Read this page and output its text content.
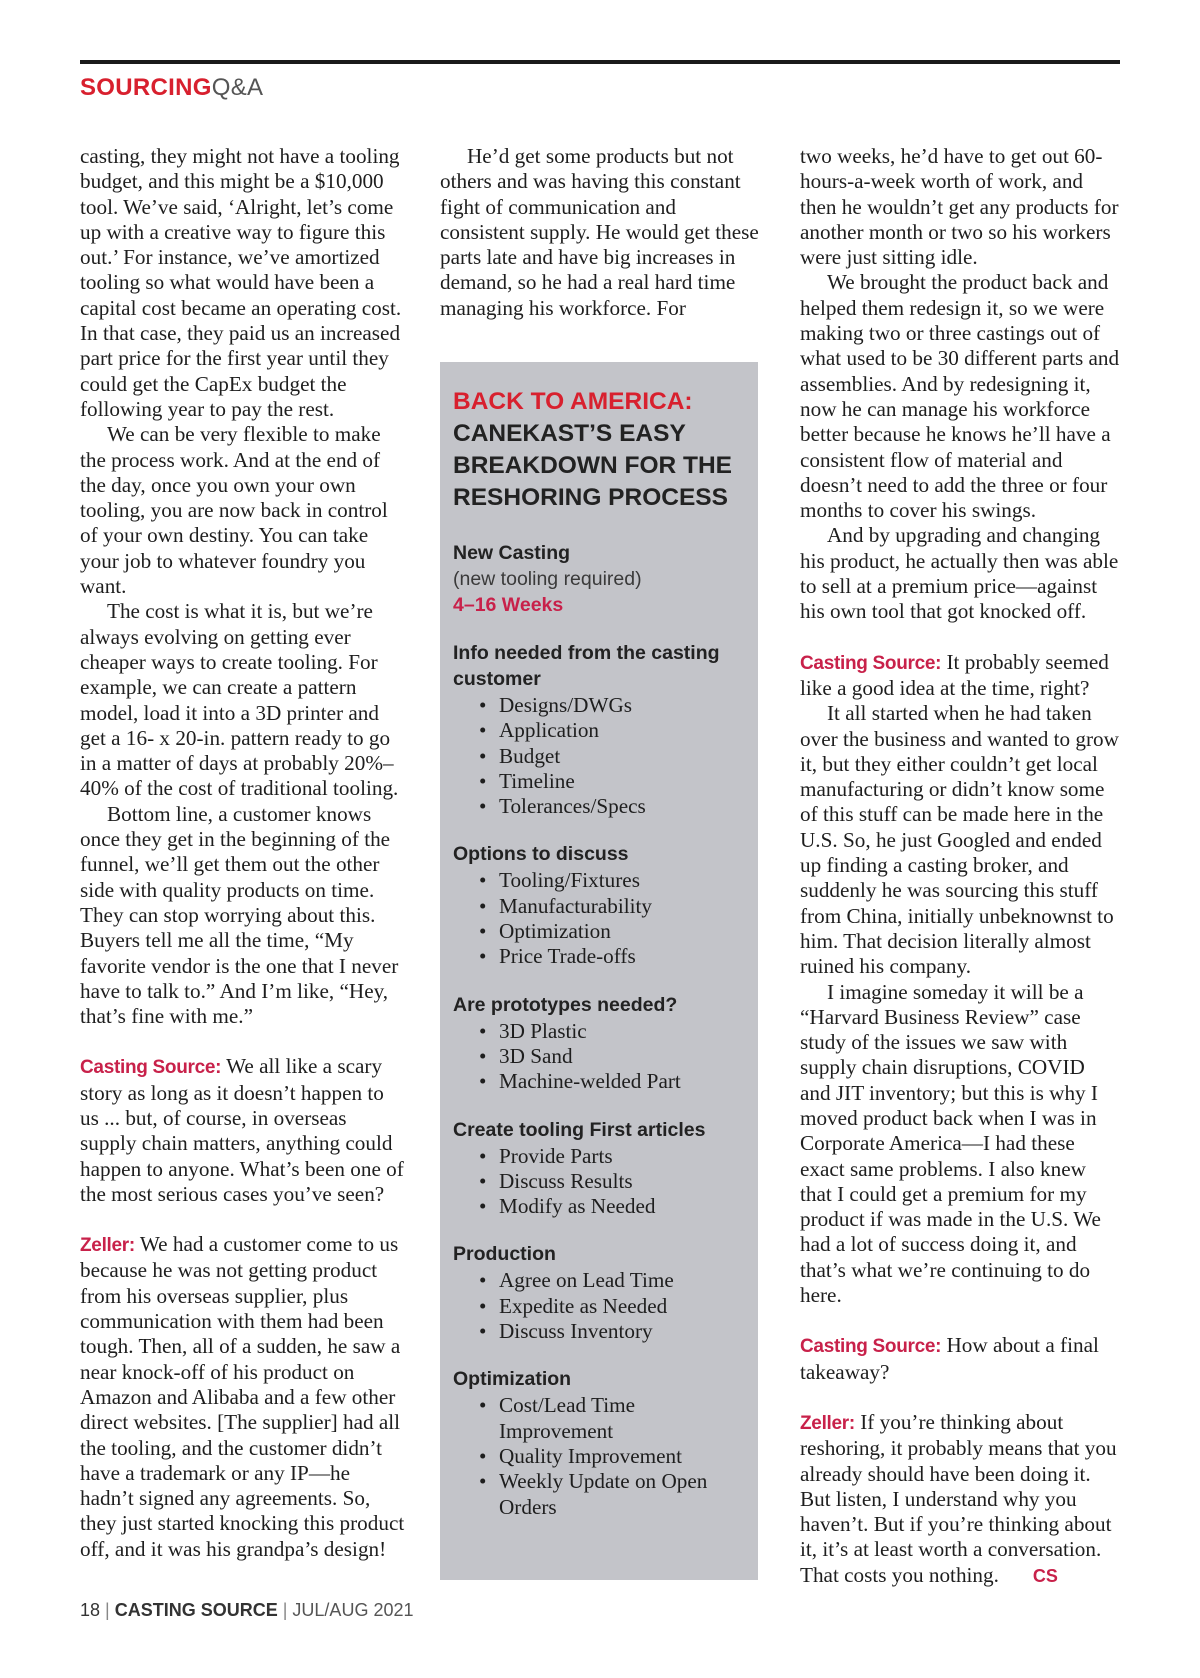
SOURCINGQ&A

casting, they might not have a tooling budget, and this might be a $10,000 tool. We’ve said, ‘Alright, let’s come up with a creative way to figure this out.’ For instance, we’ve amortized tooling so what would have been a capital cost became an operating cost. In that case, they paid us an increased part price for the first year until they could get the CapEx budget the following year to pay the rest.

We can be very flexible to make the process work. And at the end of the day, once you own your own tooling, you are now back in control of your own destiny. You can take your job to whatever foundry you want.

The cost is what it is, but we’re always evolving on getting ever cheaper ways to create tooling. For example, we can create a pattern model, load it into a 3D printer and get a 16- x 20-in. pattern ready to go in a matter of days at probably 20%–40% of the cost of traditional tooling.

Bottom line, a customer knows once they get in the beginning of the funnel, we’ll get them out the other side with quality products on time. They can stop worrying about this. Buyers tell me all the time, “My favorite vendor is the one that I never have to talk to.” And I’m like, “Hey, that’s fine with me.”

Casting Source: We all like a scary story as long as it doesn’t happen to us ... but, of course, in overseas supply chain matters, anything could happen to anyone. What’s been one of the most serious cases you’ve seen?

Zeller: We had a customer come to us because he was not getting product from his overseas supplier, plus communication with them had been tough. Then, all of a sudden, he saw a near knock-off of his product on Amazon and Alibaba and a few other direct websites. [The supplier] had all the tooling, and the customer didn’t have a trademark or any IP—he hadn’t signed any agreements. So, they just started knocking this product off, and it was his grandpa’s design!

He’d get some products but not others and was having this constant fight of communication and consistent supply. He would get these parts late and have big increases in demand, so he had a real hard time managing his workforce. For

BACK TO AMERICA:
CANEKAST’S EASY BREAKDOWN FOR THE RESHORING PROCESS

New Casting

(new tooling required)

4–16 Weeks

Info needed from the casting customer

• Designs/DWGs
• Application
• Budget
• Timeline
• Tolerances/Specs

Options to discuss

• Tooling/Fixtures
• Manufacturability
• Optimization
• Price Trade-offs

Are prototypes needed?

• 3D Plastic
• 3D Sand
• Machine-welded Part

Create tooling First articles

• Provide Parts
• Discuss Results
• Modify as Needed

Production

• Agree on Lead Time
• Expedite as Needed
• Discuss Inventory

Optimization

• Cost/Lead Time Improvement
• Quality Improvement
• Weekly Update on Open Orders

two weeks, he’d have to get out 60-hours-a-week worth of work, and then he wouldn’t get any products for another month or two so his workers were just sitting idle.

We brought the product back and helped them redesign it, so we were making two or three castings out of what used to be 30 different parts and assemblies. And by redesigning it, now he can manage his workforce better because he knows he’ll have a consistent flow of material and doesn’t need to add the three or four months to cover his swings.

And by upgrading and changing his product, he actually then was able to sell at a premium price—against his own tool that got knocked off.

Casting Source: It probably seemed like a good idea at the time, right?

It all started when he had taken over the business and wanted to grow it, but they either couldn’t get local manufacturing or didn’t know some of this stuff can be made here in the U.S. So, he just Googled and ended up finding a casting broker, and suddenly he was sourcing this stuff from China, initially unbeknownst to him. That decision literally almost ruined his company.

I imagine someday it will be a “Harvard Business Review” case study of the issues we saw with supply chain disruptions, COVID and JIT inventory; but this is why I moved product back when I was in Corporate America—I had these exact same problems. I also knew that I could get a premium for my product if was made in the U.S. We had a lot of success doing it, and that’s what we’re continuing to do here.

Casting Source: How about a final takeaway?

Zeller: If you’re thinking about reshoring, it probably means that you already should have been doing it. But listen, I understand why you haven’t. But if you’re thinking about it, it’s at least worth a conversation. That costs you nothing. CS

18 | CASTING SOURCE | JUL/AUG 2021
